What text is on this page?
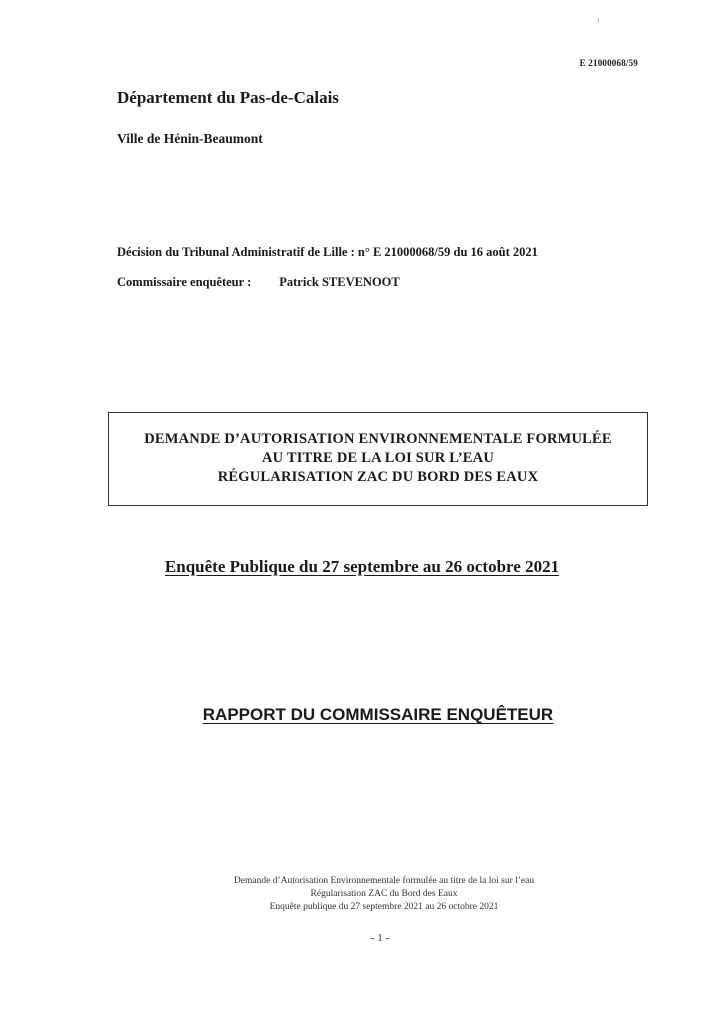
E 21000068/59
Département du Pas-de-Calais
Ville de Hénin-Beaumont
Décision du Tribunal Administratif de Lille : n° E 21000068/59 du 16 août 2021
Commissaire enquêteur : Patrick STEVENOOT
DEMANDE D’AUTORISATION ENVIRONNEMENTALE FORMULÉE
AU TITRE DE LA LOI SUR L’EAU
RÉGULARISATION ZAC DU BORD DES EAUX
Enquête Publique du 27 septembre au 26 octobre 2021
RAPPORT DU COMMISSAIRE ENQUÊTEUR
Demande d’Autorisation Environnementale formulée au titre de la loi sur l’eau
Régularisation ZAC du Bord des Eaux
Enquête publique du 27 septembre 2021 au 26 octobre 2021
- 1 -
